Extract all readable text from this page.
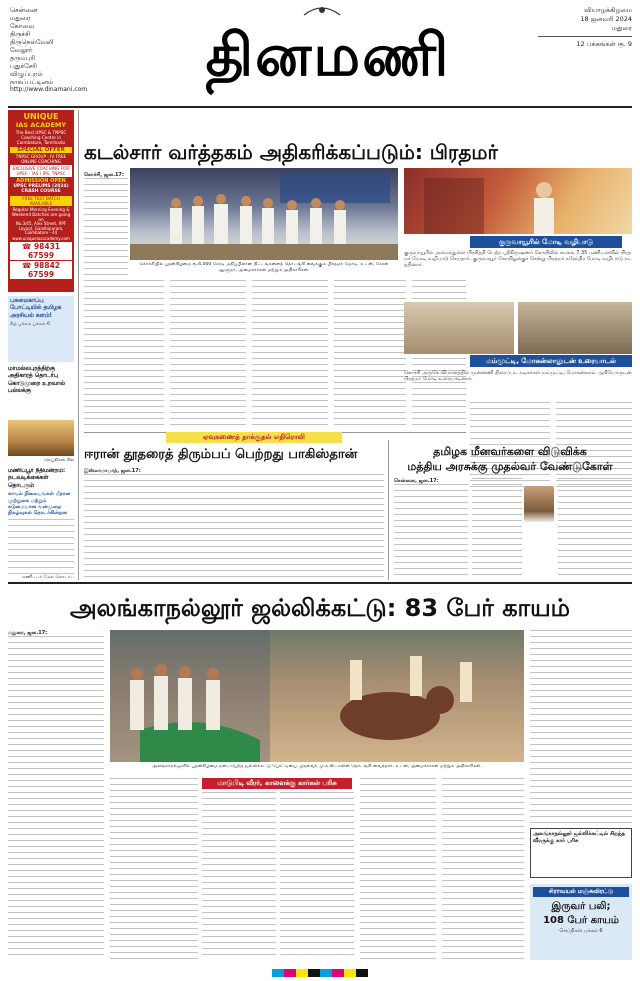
சென்னை
மதுரை
கோவை
திருச்சி
திருநெல்வேலி
வேலூர்
தருமபுரி
புதுச்சேரி
விழுப்புரம்
நாகப்பட்டினம்
http://www.dinamani.com
தினமணி
வியாழக்கிழமை
18 ஜனவரி 2024
மதுரை
12 பக்கங்கள் ரூ. 9
UNIQUE
IAS ACADEMY
The Best UPSC & TNPSC Coaching Centre in Coimbatore, Tamilnadu
SPECIAL OFFER
TNPSC GROUP - IV FREE ONLINE COACHING
EXCLUSIVE COACHING FOR UPSC - IAS / IPS, TNPSC
ADMISSION OPEN
UPSC PRELIMS (2024) CRASH COURSE
FREE TEST BATCH AVAILABLE
Regular Morning Evening & Weekend Batches are going on
No.3/45, Alex Street, RPF Layout, Gandhipuram, Coimbatore - 44
www.uniqueiasacademy.com
☎ 98431 67599
☎ 98842 67599
பசுமைகாப்பு போட்டியில் தமிழக அரசியல் களம்!
கீழ் பக்கம் பக்கம் 6
மாமல்லபுரத்திற்கு அதிகாரத் தொடர்பு கொடுமுறை உறவால் பல்லக்கு
செய்திகள் சில
மணிப்பூர் நீதிமன்றம்: நடவடிக்கைகள் தொடரும்
காவல் நிலையங்கள் மீதான முற்றுகை மற்றும் கடுமையான வன்முறை நிகழ்வுகள் தொடர்கின்றன
மணிப்பூர் மேல் தொடர்பு
கடல்சார் வர்த்தகம் அதிகரிக்கப்படும்: பிரதமர்
கொச்சியில் புதன்கிழமை ரூ.4,000 கோடி மதிப்பிலான திட்டங்களைத் தொடங்கி வைக்கும் பிரதமர் மோடி. உடன், கேரள ஆளுநர், அமைச்சர்கள் மற்றும் அதிகாரிகள்.
கொச்சி, ஜன.17:
குருவாயூரில் மோடி வழிபாடு
குருவாயூரில் அமைந்துள்ள பிரசித்தி பெற்ற ஸ்ரீகிருஷ்ணர் கோயிலில் காலை 7.35 மணியளவில் பிரதமர் மோடி வழிபாடு செய்தார். குருவாயூர் கோயிலுக்குச் சென்று பிரதமர் நரேந்திர மோடி வழிபாடு நடத்தினார்.
மம்முட்டி, மோகன்லாலுடன் உரையாடல்
கொச்சி அருகே விமானத்தில் முன்னணி திரைப்பட நடிகர்கள் மம்முட்டி, மோகன்லால் ஆகியோருடன் பிரதமர் மோடி உரையாடினார்.
ஏவுகணைத் தாக்குதல் எதிரொலி
ஈரான் தூதரைத் திரும்பப் பெற்றது பாகிஸ்தான்
இஸ்லாமாபாத், ஜன.17:
தமிழக மீனவர்களை விடுவிக்க
மத்திய அரசுக்கு முதல்வர் வேண்டுகோள்
சென்னை, ஜன.17:
அலங்காநல்லூர் ஜல்லிக்கட்டு: 83 பேர் காயம்
மதுரை, ஜன.17:
அலங்காநல்லூரில் புதன்கிழமை நடைபெற்ற ஜல்லிக்கட்டு போட்டியை முதல்வர் மு.க.ஸ்டாலின் தொடங்கி வைத்தார். உடன், அமைச்சர்கள் மற்றும் அதிகாரிகள்.
மாடுபிடி வீரர், காளைக்கு கார்கள் பரிசு
அலங்காநல்லூர் ஜல்லிக்கட்டில் சிறந்த வீரருக்கு கார் பரிசு
சிராவயல் மஞ்சுவிரட்டு
இருவர் பலி;
108 பேர் காயம்
செய்திகள் பக்கம் 6
